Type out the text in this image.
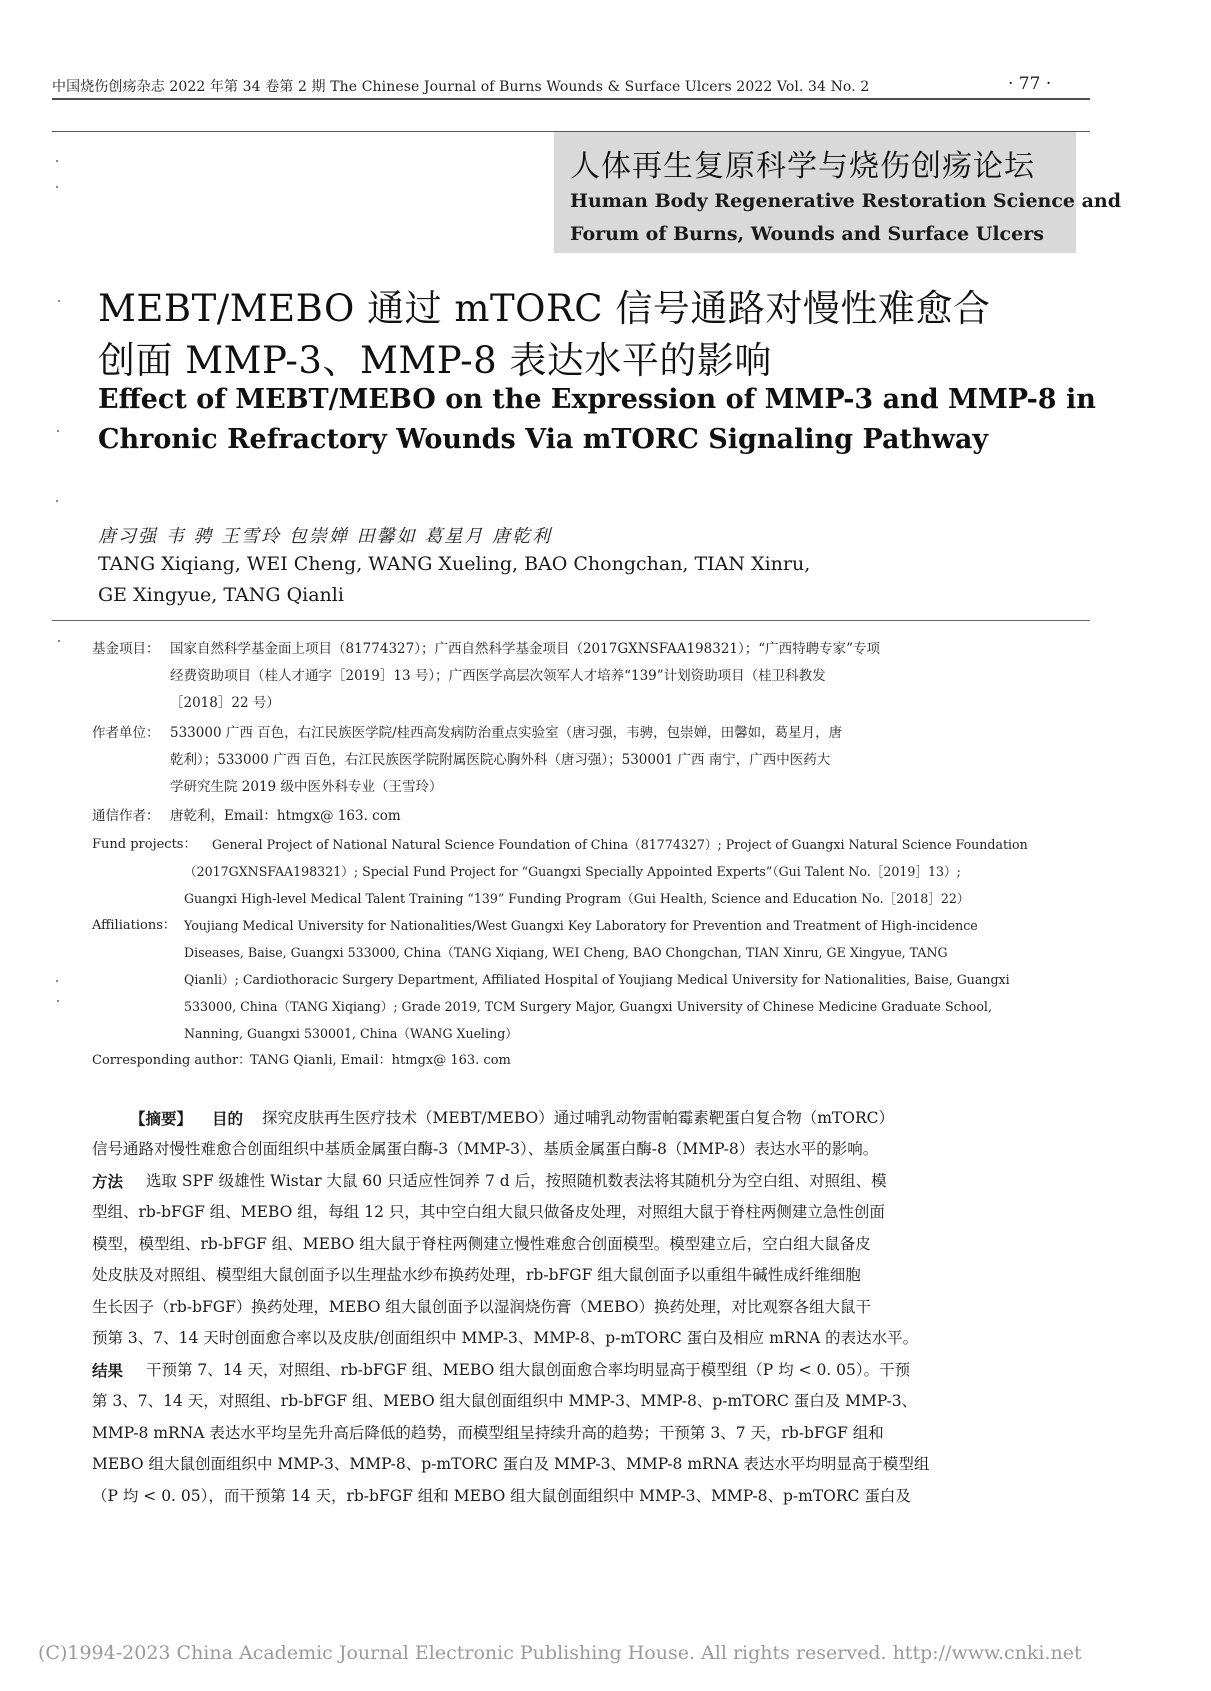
中国烧伤创疡杂志 2022 年第 34 卷第 2 期 The Chinese Journal of Burns Wounds & Surface Ulcers 2022 Vol. 34 No. 2	· 77 ·
人体再生复原科学与烧伤创疡论坛
Human Body Regenerative Restoration Science and
Forum of Burns, Wounds and Surface Ulcers
MEBT/MEBO 通过 mTORC 信号通路对慢性难愈合
创面 MMP-3、MMP-8 表达水平的影响
Effect of MEBT/MEBO on the Expression of MMP-3 and MMP-8 in
Chronic Refractory Wounds Via mTORC Signaling Pathway
唐习强 韦 骋 王雪玲 包崇婵 田馨如 葛星月 唐乾利
TANG Xiqiang, WEI Cheng, WANG Xueling, BAO Chongchan, TIAN Xinru,
GE Xingyue, TANG Qianli
基金项目： 国家自然科学基金面上项目（81774327）；广西自然科学基金项目（2017GXNSFAA198321）；“广西特聘专家”专项
经费资助项目（桂人才通字［2019］13 号）；广西医学高层次领军人才培养“139”计划资助项目（桂卫科教发
［2018］22 号）
作者单位： 533000 广西 百色，右江民族医学院/桂西高发病防治重点实验室（唐习强，韦骋，包崇婵，田馨如，葛星月，唐
乾利）；533000 广西 百色，右江民族医学院附属医院心胸外科（唐习强）；530001 广西 南宁，广西中医药大
学研究生院 2019 级中医外科专业（王雪玲）
通信作者： 唐乾利，Email：htmgx@ 163. com
Fund projects： General Project of National Natural Science Foundation of China（81774327）; Project of Guangxi Natural Science Foundation
（2017GXNSFAA198321）; Special Fund Project for “Guangxi Specially Appointed Experts”（Gui Talent No.［2019］13）;
Guangxi High-level Medical Talent Training “139” Funding Program（Gui Health, Science and Education No.［2018］22）
Affiliations： Youjiang Medical University for Nationalities/West Guangxi Key Laboratory for Prevention and Treatment of High-incidence
Diseases, Baise, Guangxi 533000, China（TANG Xiqiang, WEI Cheng, BAO Chongchan, TIAN Xinru, GE Xingyue, TANG
Qianli）; Cardiothoracic Surgery Department, Affiliated Hospital of Youjiang Medical University for Nationalities, Baise, Guangxi
533000, China（TANG Xiqiang）; Grade 2019, TCM Surgery Major, Guangxi University of Chinese Medicine Graduate School,
Nanning, Guangxi 530001, China（WANG Xueling）
Corresponding author：
TANG Qianli, Email：htmgx@ 163. com
【摘要】 目的 探究皮肤再生医疗技术（MEBT/MEBO）通过哺乳动物雷帕霉素靶蛋白复合物（mTORC）
信号通路对慢性难愈合创面组织中基质金属蛋白酶-3（MMP-3）、基质金属蛋白酶-8（MMP-8）表达水平的影响。
方法 选取 SPF 级雄性 Wistar 大鼠 60 只适应性饲养 7 d 后，按照随机数表法将其随机分为空白组、对照组、模
型组、rb-bFGF 组、MEBO 组，每组 12 只，其中空白组大鼠只做备皮处理，对照组大鼠于脊柱两侧建立急性创面
模型，模型组、rb-bFGF 组、MEBO 组大鼠于脊柱两侧建立慢性难愈合创面模型。模型建立后，空白组大鼠备皮
处皮肤及对照组、模型组大鼠创面予以生理盐水纱布换药处理，rb-bFGF 组大鼠创面予以重组牛碱性成纤维细胞
生长因子（rb-bFGF）换药处理，MEBO 组大鼠创面予以湿润烧伤膏（MEBO）换药处理，对比观察各组大鼠干
预第 3、7、14 天时创面愈合率以及皮肤/创面组织中 MMP-3、MMP-8、p-mTORC 蛋白及相应 mRNA 的表达水平。
结果 干预第 7、14 天，对照组、rb-bFGF 组、MEBO 组大鼠创面愈合率均明显高于模型组（P 均 < 0. 05）。干预
第 3、7、14 天，对照组、rb-bFGF 组、MEBO 组大鼠创面组织中 MMP-3、MMP-8、p-mTORC 蛋白及 MMP-3、
MMP-8 mRNA 表达水平均呈先升高后降低的趋势，而模型组呈持续升高的趋势；干预第 3、7 天，rb-bFGF 组和
MEBO 组大鼠创面组织中 MMP-3、MMP-8、p-mTORC 蛋白及 MMP-3、MMP-8 mRNA 表达水平均明显高于模型组
（P 均 < 0. 05），而干预第 14 天，rb-bFGF 组和 MEBO 组大鼠创面组织中 MMP-3、MMP-8、p-mTORC 蛋白及
(C)1994-2023 China Academic Journal Electronic Publishing House. All rights reserved. http://www.cnki.net
